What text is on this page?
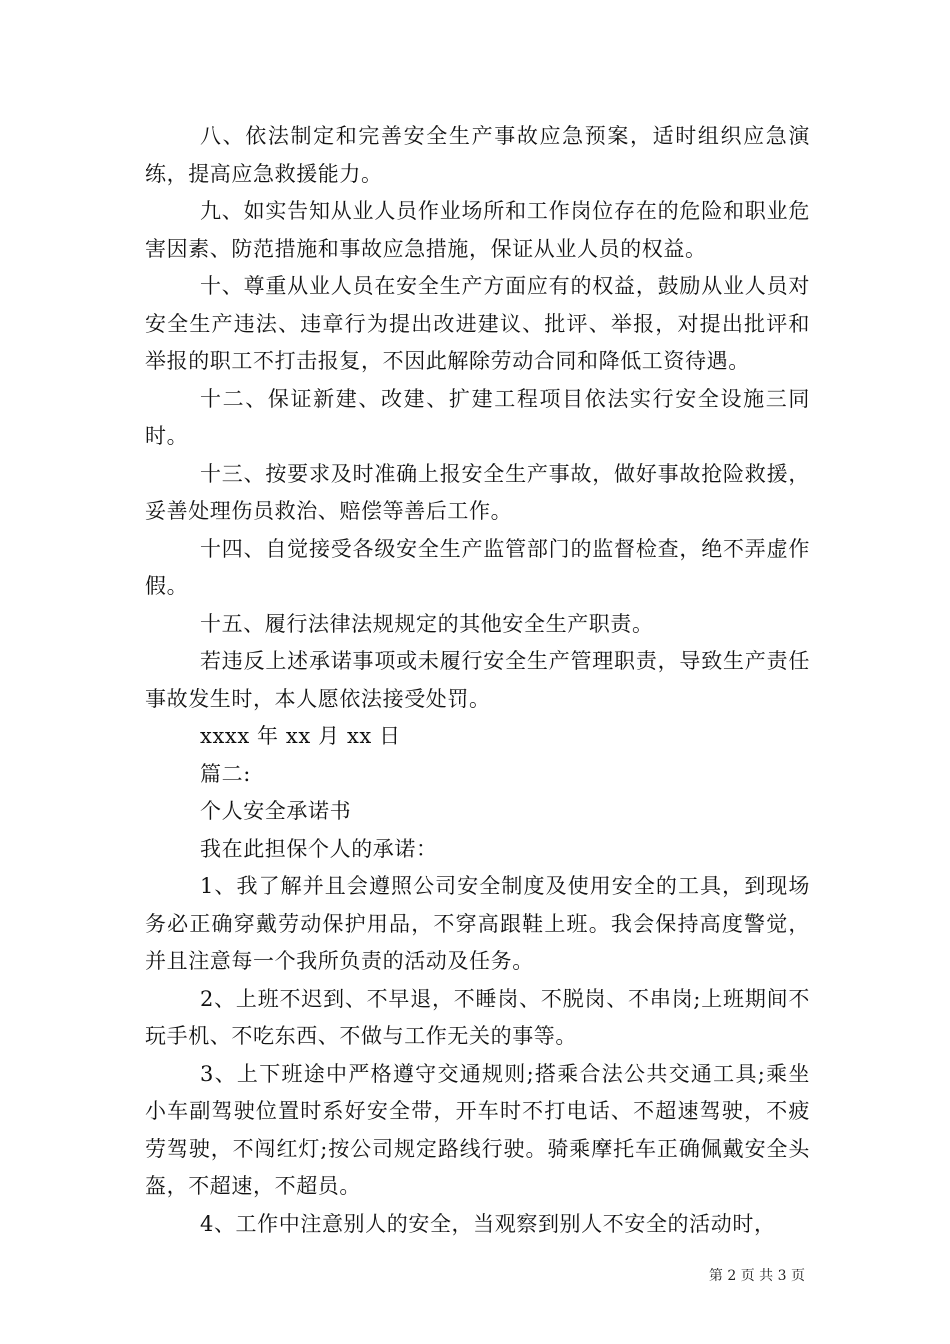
八、依法制定和完善安全生产事故应急预案，适时组织应急演练，提高应急救援能力。

九、如实告知从业人员作业场所和工作岗位存在的危险和职业危害因素、防范措施和事故应急措施，保证从业人员的权益。

十、尊重从业人员在安全生产方面应有的权益，鼓励从业人员对安全生产违法、违章行为提出改进建议、批评、举报，对提出批评和举报的职工不打击报复，不因此解除劳动合同和降低工资待遇。

十二、保证新建、改建、扩建工程项目依法实行安全设施三同时。

十三、按要求及时准确上报安全生产事故，做好事故抢险救援，妥善处理伤员救治、赔偿等善后工作。

十四、自觉接受各级安全生产监管部门的监督检查，绝不弄虚作假。

十五、履行法律法规规定的其他安全生产职责。

若违反上述承诺事项或未履行安全生产管理职责，导致生产责任事故发生时，本人愿依法接受处罚。

xxxx 年 xx 月 xx 日

篇二:

个人安全承诺书

我在此担保个人的承诺：

1、我了解并且会遵照公司安全制度及使用安全的工具，到现场务必正确穿戴劳动保护用品，不穿高跟鞋上班。我会保持高度警觉，并且注意每一个我所负责的活动及任务。

2、上班不迟到、不早退，不睡岗、不脱岗、不串岗;上班期间不玩手机、不吃东西、不做与工作无关的事等。

3、上下班途中严格遵守交通规则;搭乘合法公共交通工具;乘坐小车副驾驶位置时系好安全带，开车时不打电话、不超速驾驶，不疲劳驾驶，不闯红灯;按公司规定路线行驶。骑乘摩托车正确佩戴安全头盔，不超速，不超员。

4、工作中注意别人的安全，当观察到别人不安全的活动时，

第 2 页 共 3 页
